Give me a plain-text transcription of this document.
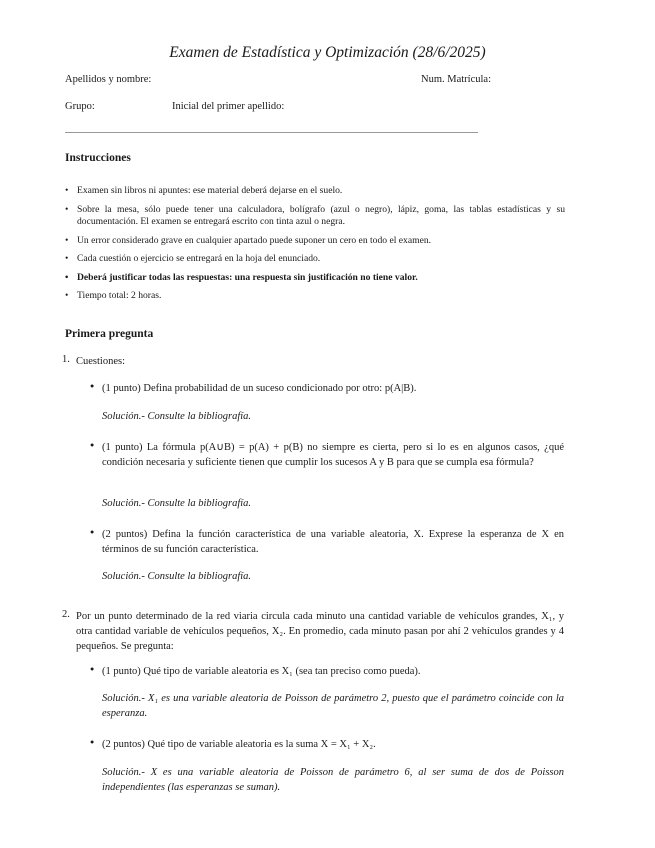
Examen de Estadística y Optimización (28/6/2025)
Apellidos y nombre:	Num. Matrícula:
Grupo:	Inicial del primer apellido:
Instrucciones
• Examen sin libros ni apuntes: ese material deberá dejarse en el suelo.
• Sobre la mesa, sólo puede tener una calculadora, bolígrafo (azul o negro), lápiz, goma, las tablas estadísticas y su documentación. El examen se entregará escrito con tinta azul o negra.
• Un error considerado grave en cualquier apartado puede suponer un cero en todo el examen.
• Cada cuestión o ejercicio se entregará en la hoja del enunciado.
• Deberá justificar todas las respuestas: una respuesta sin justificación no tiene valor.
• Tiempo total: 2 horas.
Primera pregunta
1. Cuestiones:
• (1 punto) Defina probabilidad de un suceso condicionado por otro: p(A|B).
Solución.- Consulte la bibliografía.
• (1 punto) La fórmula p(A∪B) = p(A) + p(B) no siempre es cierta, pero si lo es en algunos casos, ¿qué condición necesaria y suficiente tienen que cumplir los sucesos A y B para que se cumpla esa fórmula?
Solución.- Consulte la bibliografía.
• (2 puntos) Defina la función característica de una variable aleatoria, X. Exprese la esperanza de X en términos de su función característica.
Solución.- Consulte la bibliografía.
2. Por un punto determinado de la red viaria circula cada minuto una cantidad variable de vehículos grandes, X₁, y otra cantidad variable de vehículos pequeños, X₂. En promedio, cada minuto pasan por ahí 2 vehículos grandes y 4 pequeños. Se pregunta:
• (1 punto) Qué tipo de variable aleatoria es X₁ (sea tan preciso como pueda).
Solución.- X₁ es una variable aleatoria de Poisson de parámetro 2, puesto que el parámetro coincide con la esperanza.
• (2 puntos) Qué tipo de variable aleatoria es la suma X = X₁ + X₂.
Solución.- X es una variable aleatoria de Poisson de parámetro 6, al ser suma de dos de Poisson independientes (las esperanzas se suman).
